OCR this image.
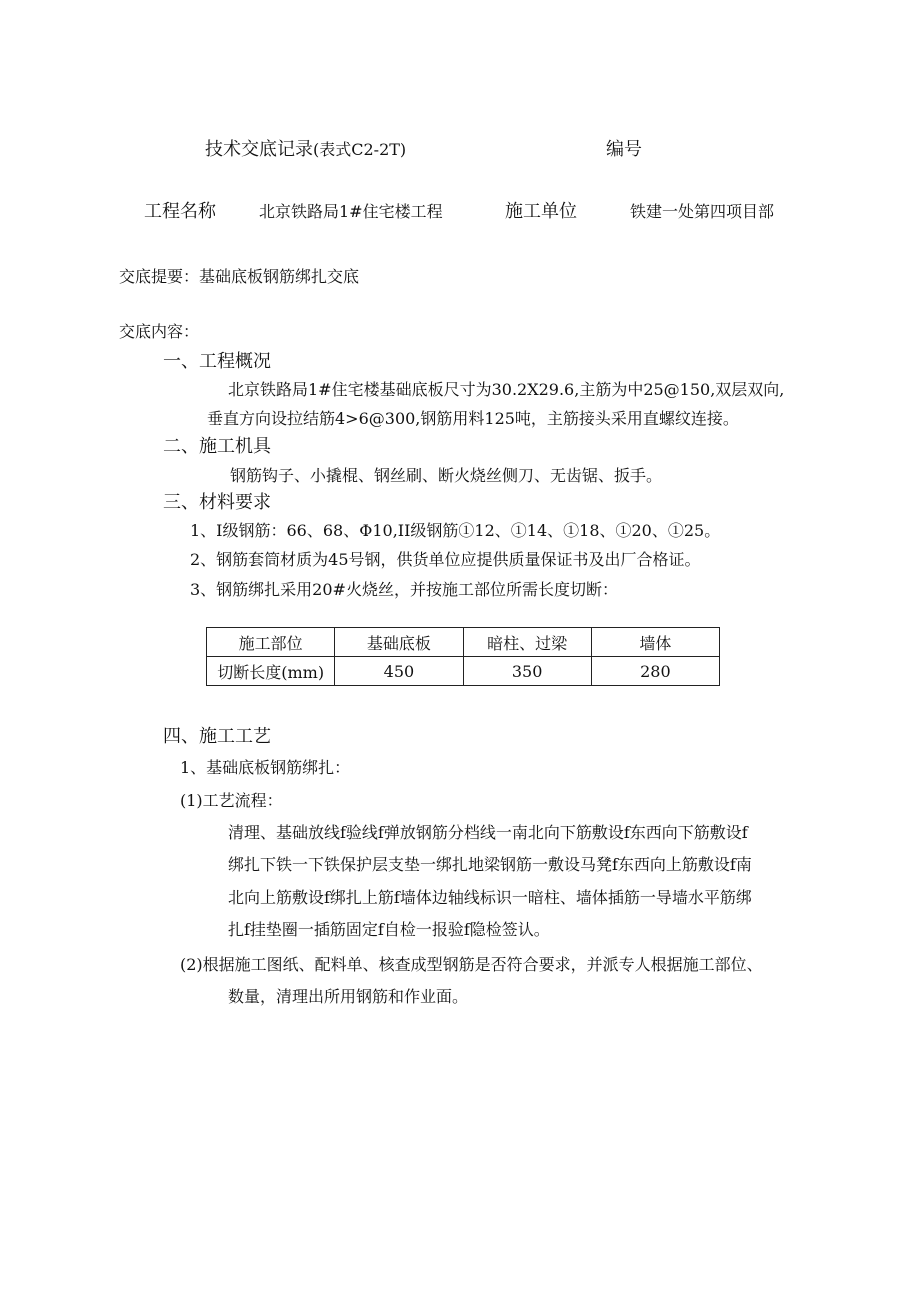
技术交底记录(表式C2-2T)	编号
工程名称	北京铁路局1#住宅楼工程	施工单位	铁建一处第四项目部
交底提要：基础底板钢筋绑扎交底
交底内容：
一、工程概况
北京铁路局1#住宅楼基础底板尺寸为30.2X29.6,主筋为中25@150,双层双向,
垂直方向设拉结筋4>6@300,钢筋用料125吨，主筋接头采用直螺纹连接。
二、施工机具
钢筋钩子、小撬棍、钢丝刷、断火烧丝侧刀、无齿锯、扳手。
三、材料要求
1、I级钢筋：66、68、Φ10,II级钢筋①12、①14、①18、①20、①25。
2、钢筋套筒材质为45号钢，供货单位应提供质量保证书及出厂合格证。
3、钢筋绑扎采用20#火烧丝，并按施工部位所需长度切断：
施工部位	基础底板	暗柱、过梁	墙体
切断长度(mm)	450	350	280
四、施工工艺
1、基础底板钢筋绑扎：
(1)工艺流程：
清理、基础放线f验线f弹放钢筋分档线一南北向下筋敷设f东西向下筋敷设f
绑扎下铁一下铁保护层支垫一绑扎地梁钢筋一敷设马凳f东西向上筋敷设f南
北向上筋敷设f绑扎上筋f墙体边轴线标识一暗柱、墙体插筋一导墙水平筋绑
扎f挂垫圈一插筋固定f自检一报验f隐检签认。
(2)根据施工图纸、配料单、核查成型钢筋是否符合要求，并派专人根据施工部位、
数量，清理出所用钢筋和作业面。
